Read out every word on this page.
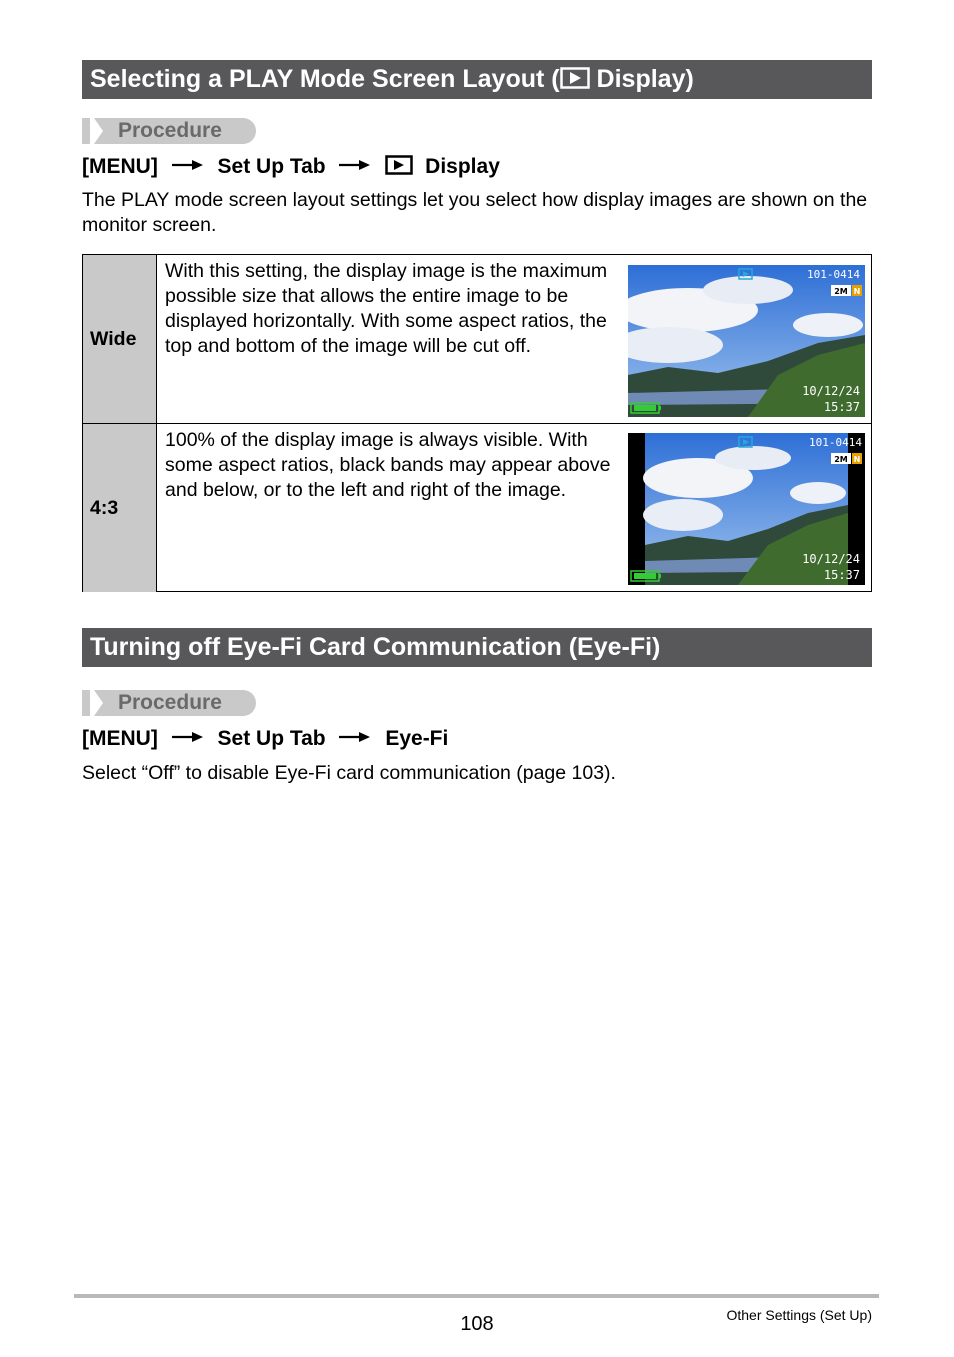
Selecting a PLAY Mode Screen Layout ( Display)
Procedure
[MENU]	Set Up Tab	Display
The PLAY mode screen layout settings let you select how display images are shown on the monitor screen.
Wide
With this setting, the display image is the maximum possible size that allows the entire image to be displayed horizontally. With some aspect ratios, the top and bottom of the image will be cut off.
101-0414
2M N
10/12/24
15:37
4:3
100% of the display image is always visible. With some aspect ratios, black bands may appear above and below, or to the left and right of the image.
101-0414
2M N
10/12/24
15:37
Turning off Eye-Fi Card Communication (Eye-Fi)
Procedure
[MENU]	Set Up Tab	Eye-Fi
Select “Off” to disable Eye-Fi card communication (page 103).
108	Other Settings (Set Up)
